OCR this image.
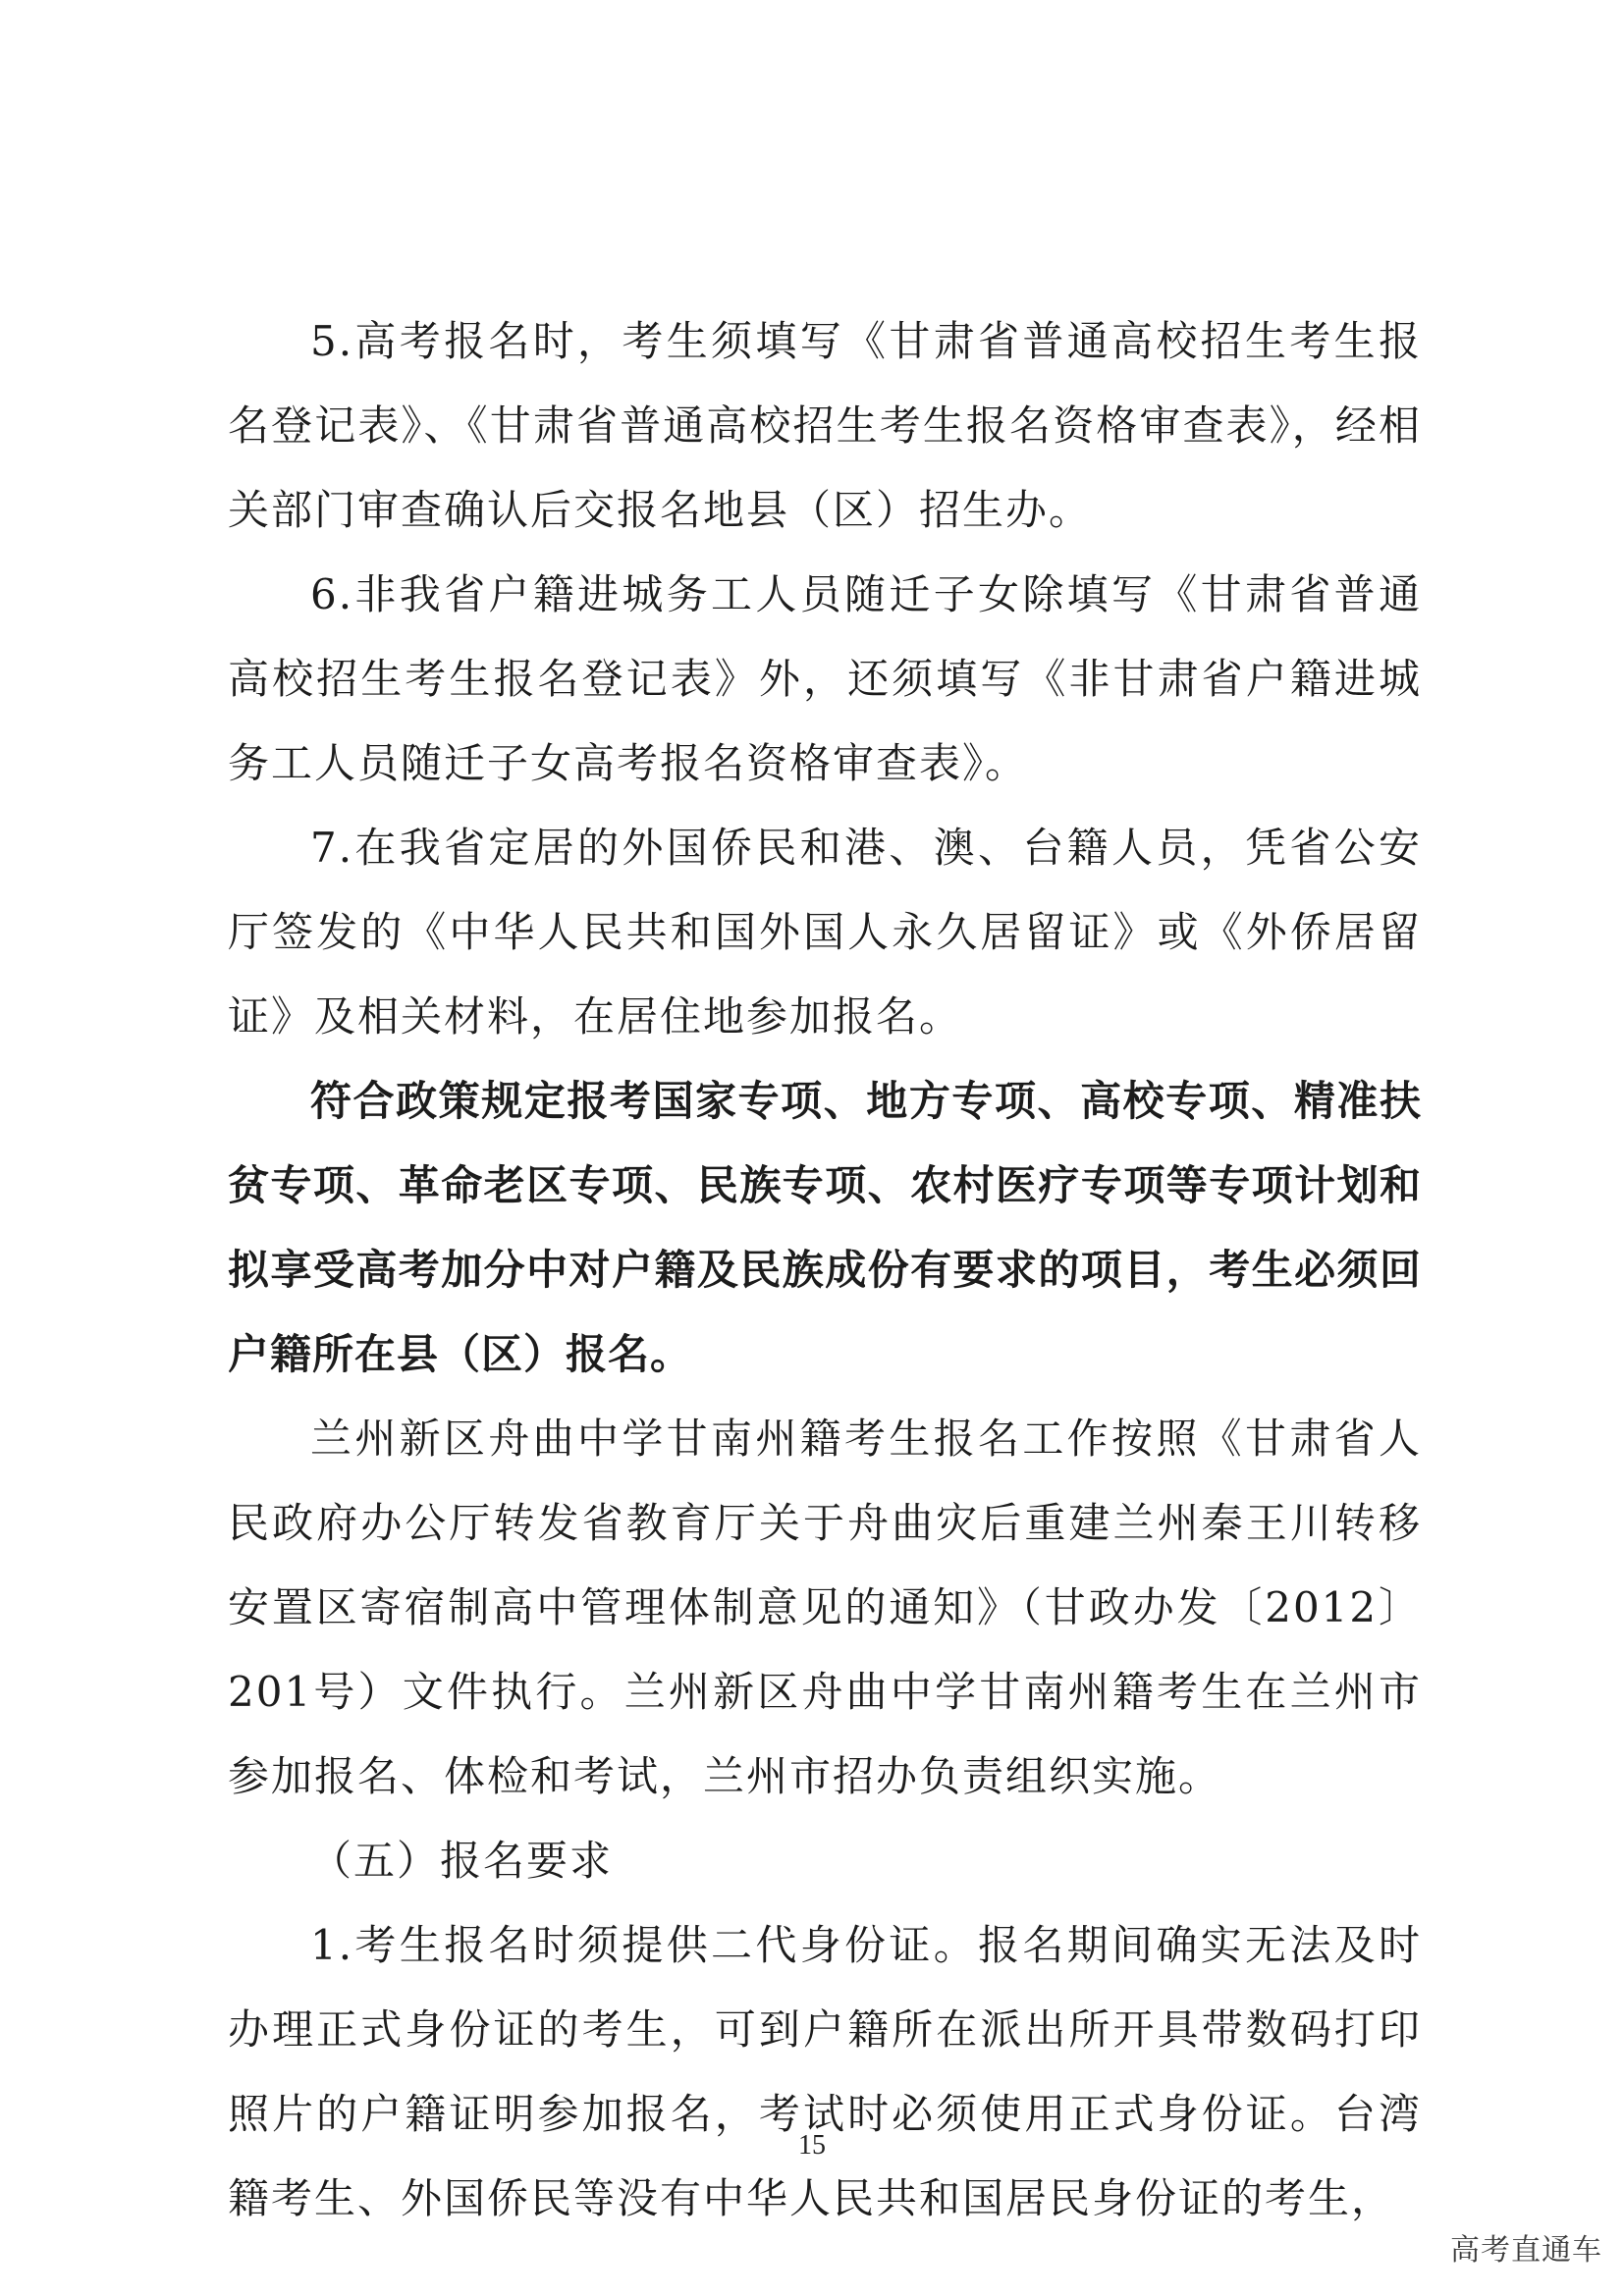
5.高考报名时，考生须填写《甘肃省普通高校招生考生报名登记表》、《甘肃省普通高校招生考生报名资格审查表》，经相关部门审查确认后交报名地县（区）招生办。

6.非我省户籍进城务工人员随迁子女除填写《甘肃省普通高校招生考生报名登记表》外，还须填写《非甘肃省户籍进城务工人员随迁子女高考报名资格审查表》。

7.在我省定居的外国侨民和港、澳、台籍人员，凭省公安厅签发的《中华人民共和国外国人永久居留证》或《外侨居留证》及相关材料，在居住地参加报名。

符合政策规定报考国家专项、地方专项、高校专项、精准扶贫专项、革命老区专项、民族专项、农村医疗专项等专项计划和拟享受高考加分中对户籍及民族成份有要求的项目，考生必须回户籍所在县（区）报名。

兰州新区舟曲中学甘南州籍考生报名工作按照《甘肃省人民政府办公厅转发省教育厅关于舟曲灾后重建兰州秦王川转移安置区寄宿制高中管理体制意见的通知》（甘政办发〔2012〕201号）文件执行。兰州新区舟曲中学甘南州籍考生在兰州市参加报名、体检和考试，兰州市招办负责组织实施。

（五）报名要求

1.考生报名时须提供二代身份证。报名期间确实无法及时办理正式身份证的考生，可到户籍所在派出所开具带数码打印照片的户籍证明参加报名，考试时必须使用正式身份证。台湾籍考生、外国侨民等没有中华人民共和国居民身份证的考生，

15
高考直通车
